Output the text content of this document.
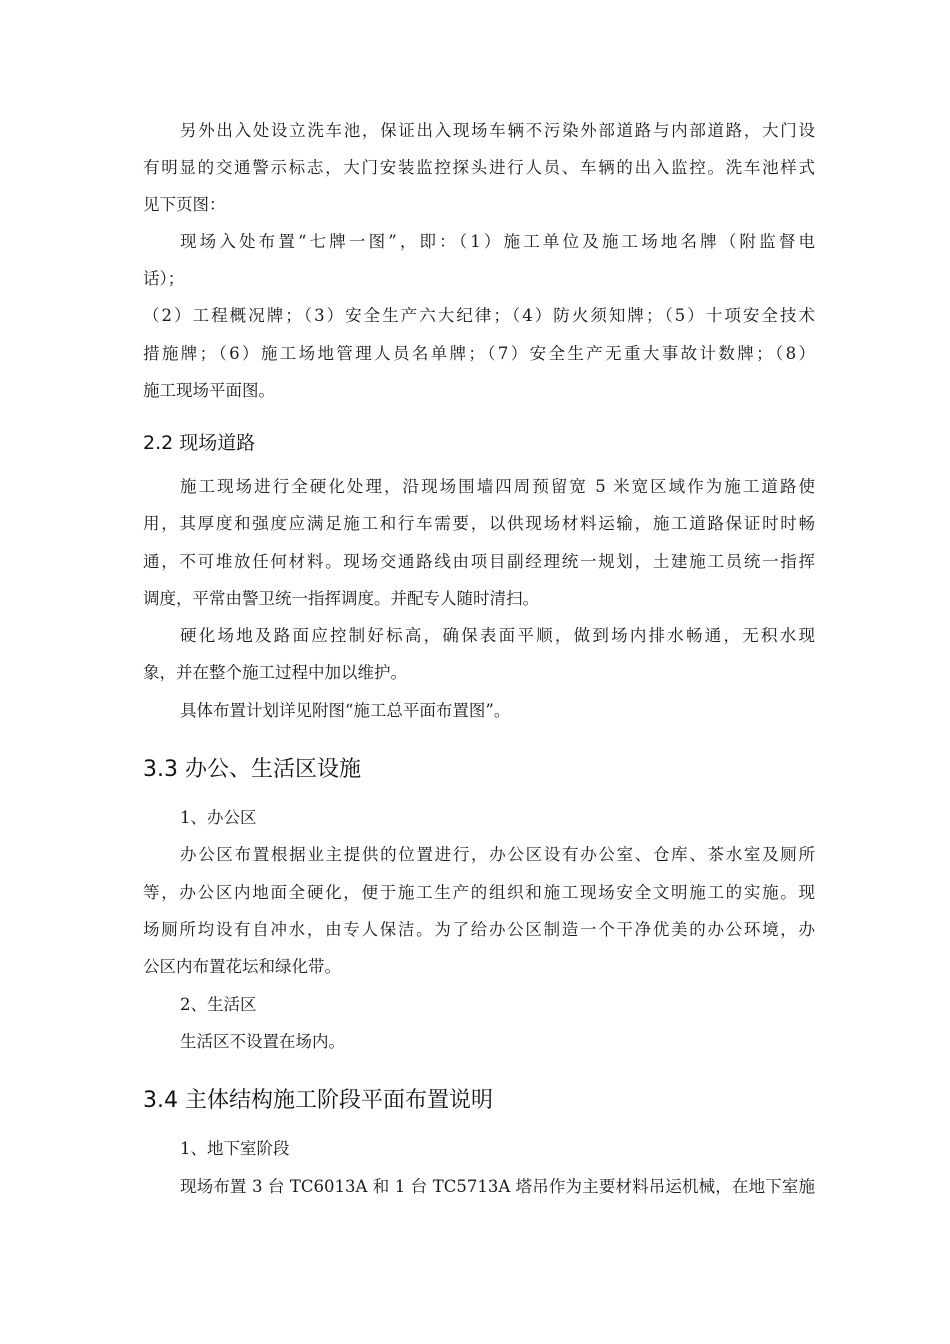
另外出入处设立洗车池，保证出入现场车辆不污染外部道路与内部道路，大门设

有明显的交通警示标志，大门安装监控探头进行人员、车辆的出入监控。洗车池样式

见下页图：

现场入处布置“七牌一图”，即：（1）施工单位及施工场地名牌（附监督电

话）；

（2）工程概况牌；（3）安全生产六大纪律；（4）防火须知牌；（5）十项安全技术

措施牌；（6）施工场地管理人员名单牌；（7）安全生产无重大事故计数牌；（8）

施工现场平面图。

2.2 现场道路

施工现场进行全硬化处理，沿现场围墙四周预留宽 5 米宽区域作为施工道路使

用，其厚度和强度应满足施工和行车需要，以供现场材料运输，施工道路保证时时畅

通，不可堆放任何材料。现场交通路线由项目副经理统一规划，土建施工员统一指挥

调度，平常由警卫统一指挥调度。并配专人随时清扫。

硬化场地及路面应控制好标高，确保表面平顺，做到场内排水畅通，无积水现

象，并在整个施工过程中加以维护。

具体布置计划详见附图“施工总平面布置图”。

3.3 办公、生活区设施

1、办公区

办公区布置根据业主提供的位置进行，办公区设有办公室、仓库、茶水室及厕所

等，办公区内地面全硬化，便于施工生产的组织和施工现场安全文明施工的实施。现

场厕所均设有自冲水，由专人保洁。为了给办公区制造一个干净优美的办公环境，办

公区内布置花坛和绿化带。

2、生活区

生活区不设置在场内。

3.4 主体结构施工阶段平面布置说明

1、地下室阶段

现场布置 3 台 TC6013A 和 1 台 TC5713A 塔吊作为主要材料吊运机械，在地下室施
